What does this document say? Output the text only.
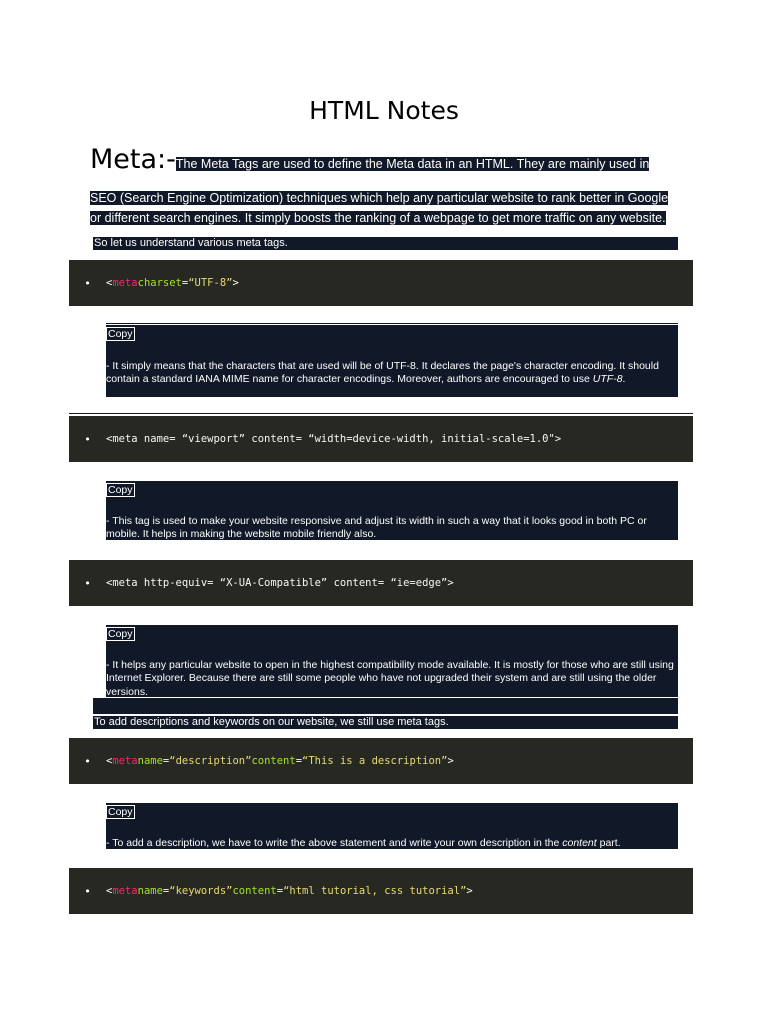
HTML Notes
Meta:-The Meta Tags are used to define the Meta data in an HTML. They are mainly used in
SEO (Search Engine Optimization) techniques which help any particular website to rank better in Google or different search engines. It simply boosts the ranking of a webpage to get more traffic on any website.
So let us understand various meta tags.
•	< meta charset = “UTF-8” >
Copy

- It simply means that the characters that are used will be of UTF-8. It declares the page's character encoding. It should contain a standard IANA MIME name for character encodings. Moreover, authors are encouraged to use UTF-8.

•	<meta name= “viewport” content= “width=device-width, initial-scale=1.0">
Copy

- This tag is used to make your website responsive and adjust its width in such a way that it looks good in both PC or mobile. It helps in making the website mobile friendly also.

•	<meta http-equiv= “X-UA-Compatible” content= “ie=edge”>
Copy

- It helps any particular website to open in the highest compatibility mode available. It is mostly for those who are still using Internet Explorer. Because there are still some people who have not upgraded their system and are still using the older versions.

To add descriptions and keywords on our website, we still use meta tags.
•	< meta name = “description” content = “This is a description” >
Copy

- To add a description, we have to write the above statement and write your own description in the content part.

•	< meta name = “keywords” content = “html tutorial, css tutorial” >
